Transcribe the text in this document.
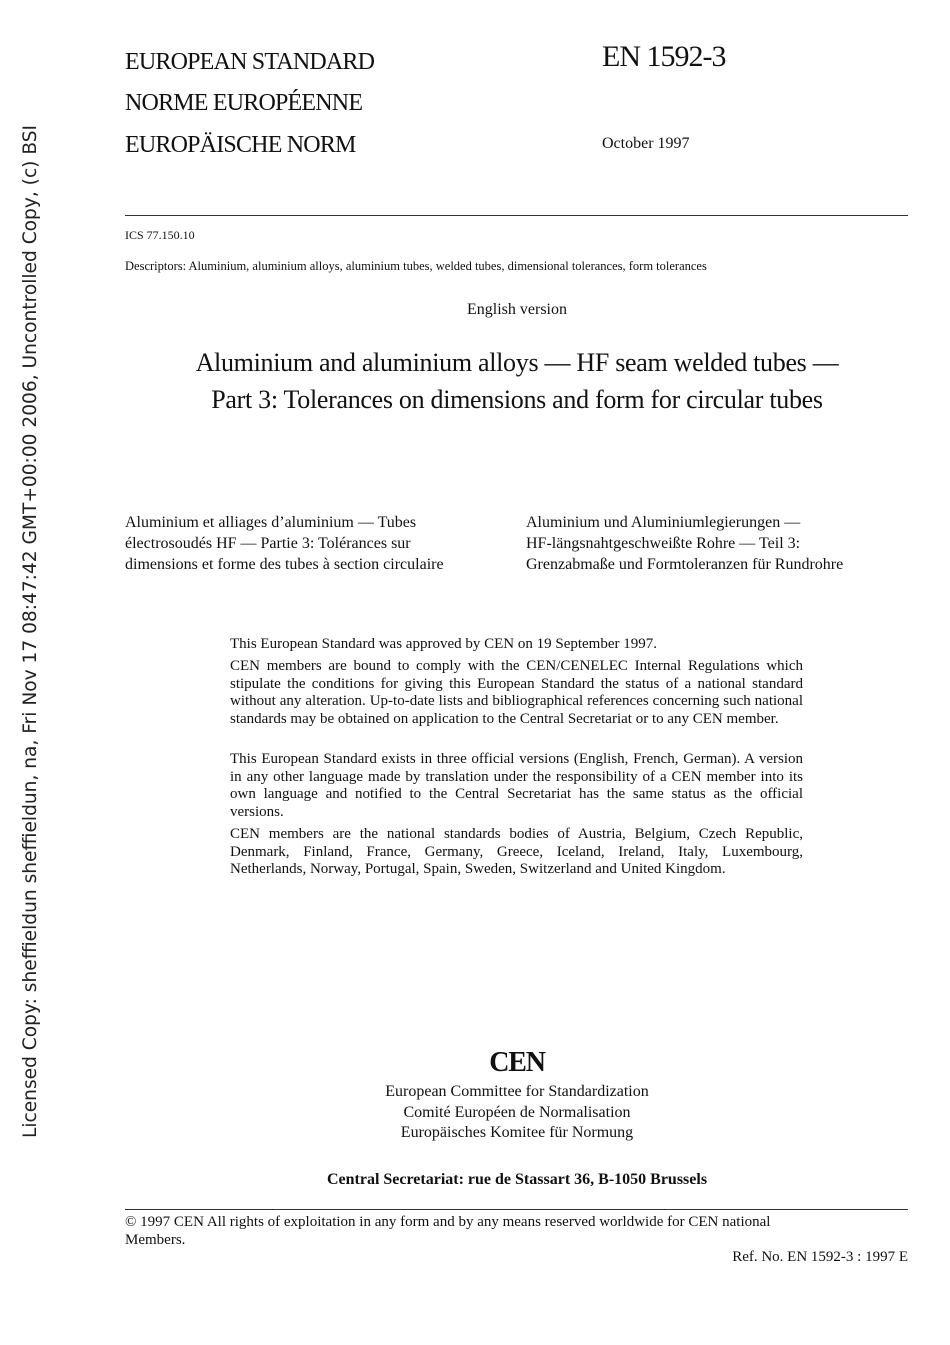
Licensed Copy: sheffieldun sheffieldun, na, Fri Nov 17 08:47:42 GMT+00:00 2006, Uncontrolled Copy, (c) BSI
EUROPEAN STANDARD
NORME EUROPÉENNE
EUROPÄISCHE NORM
EN 1592-3
October 1997
ICS 77.150.10
Descriptors: Aluminium, aluminium alloys, aluminium tubes, welded tubes, dimensional tolerances, form tolerances
English version
Aluminium and aluminium alloys — HF seam welded tubes —
Part 3: Tolerances on dimensions and form for circular tubes
Aluminium et alliages d’aluminium — Tubes
électrosoudés HF — Partie 3: Tolérances sur
dimensions et forme des tubes à section circulaire
Aluminium und Aluminiumlegierungen —
HF-längsnahtgeschweißte Rohre — Teil 3:
Grenzabmaße und Formtoleranzen für Rundrohre
This European Standard was approved by CEN on 19 September 1997.
CEN members are bound to comply with the CEN/CENELEC Internal Regulations which stipulate the conditions for giving this European Standard the status of a national standard without any alteration. Up-to-date lists and bibliographical references concerning such national standards may be obtained on application to the Central Secretariat or to any CEN member.
This European Standard exists in three official versions (English, French, German). A version in any other language made by translation under the responsibility of a CEN member into its own language and notified to the Central Secretariat has the same status as the official versions.
CEN members are the national standards bodies of Austria, Belgium, Czech Republic, Denmark, Finland, France, Germany, Greece, Iceland, Ireland, Italy, Luxembourg, Netherlands, Norway, Portugal, Spain, Sweden, Switzerland and United Kingdom.
CEN
European Committee for Standardization
Comité Européen de Normalisation
Europäisches Komitee für Normung
Central Secretariat: rue de Stassart 36, B-1050 Brussels
© 1997 CEN All rights of exploitation in any form and by any means reserved worldwide for CEN national
Members.
Ref. No. EN 1592-3 : 1997 E
